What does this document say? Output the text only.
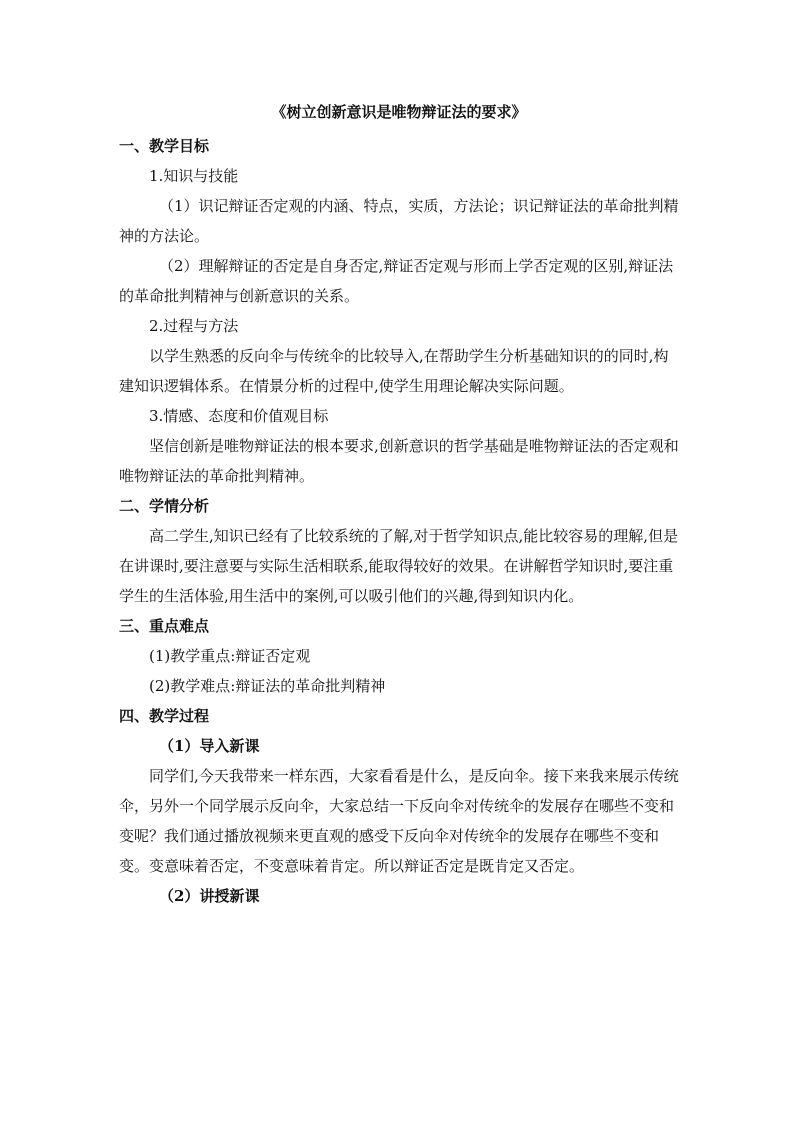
《树立创新意识是唯物辩证法的要求》

一、教学目标

1.知识与技能

（1）识记辩证否定观的内涵、特点，实质，方法论；识记辩证法的革命批判精神的方法论。

（2）理解辩证的否定是自身否定,辩证否定观与形而上学否定观的区别,辩证法的革命批判精神与创新意识的关系。

2.过程与方法

以学生熟悉的反向伞与传统伞的比较导入,在帮助学生分析基础知识的的同时,构建知识逻辑体系。在情景分析的过程中,使学生用理论解决实际问题。

3.情感、态度和价值观目标

坚信创新是唯物辩证法的根本要求,创新意识的哲学基础是唯物辩证法的否定观和唯物辩证法的革命批判精神。

二、学情分析

高二学生,知识已经有了比较系统的了解,对于哲学知识点,能比较容易的理解,但是在讲课时,要注意要与实际生活相联系,能取得较好的效果。在讲解哲学知识时,要注重学生的生活体验,用生活中的案例,可以吸引他们的兴趣,得到知识内化。

三、重点难点

(1)教学重点:辩证否定观

(2)教学难点:辩证法的革命批判精神

四、教学过程

（1）导入新课

同学们,今天我带来一样东西，大家看看是什么，是反向伞。接下来我来展示传统伞，另外一个同学展示反向伞，大家总结一下反向伞对传统伞的发展存在哪些不变和变呢？我们通过播放视频来更直观的感受下反向伞对传统伞的发展存在哪些不变和变。变意味着否定，不变意味着肯定。所以辩证否定是既肯定又否定。

（2）讲授新课
